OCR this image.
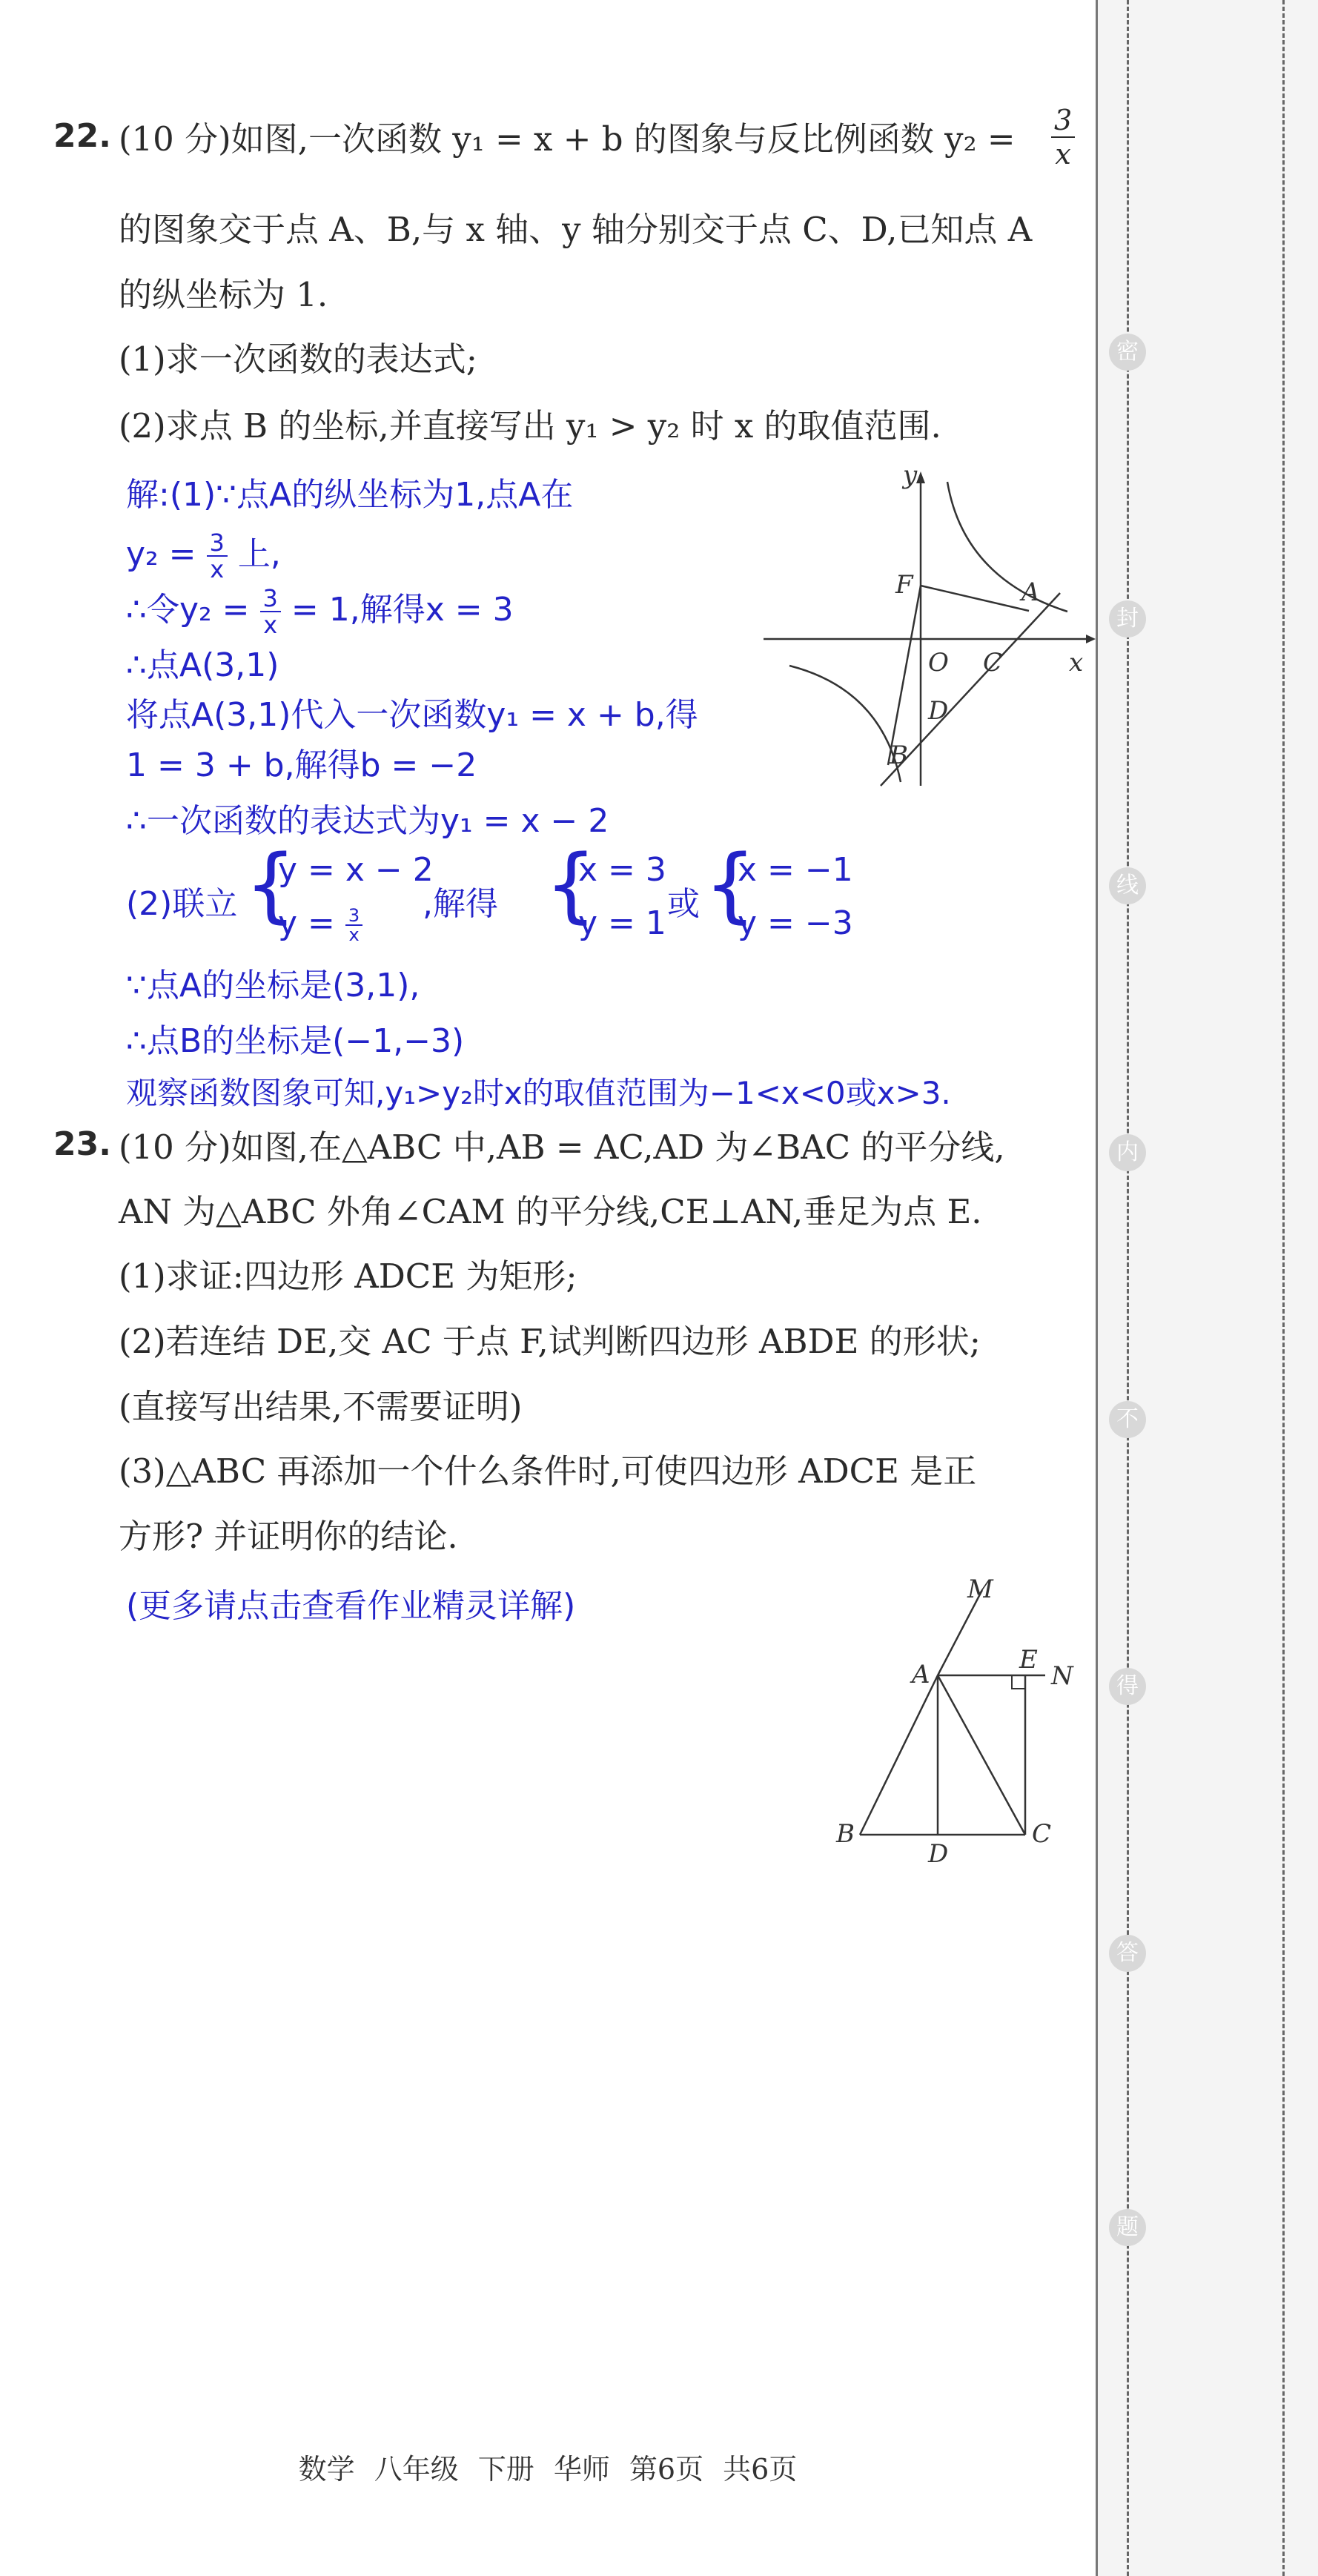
密
封
线
内
不
得
答
题
22. (10 分)如图,一次函数 y₁ = x + b 的图象与反比例函数 $y_2 = \frac{3}{x}$
的图象交于点 A、B,与 x 轴、y 轴分别交于点 C、D,已知点 A
的纵坐标为 1.
(1)求一次函数的表达式;
(2)求点 B 的坐标,并直接写出 y₁ > y₂ 时 x 的取值范围.
解:(1)∵点A的纵坐标为1,点A在
$y_2 = \frac{3}{x}$ 上,
∴令$y_2 = \frac{3}{x} = 1$,解得x = 3
∴点A(3,1)
将点A(3,1)代入一次函数y₁ = x + b,得
1 = 3 + b,解得b = −2
∴一次函数的表达式为y₁ = x − 2
(2)联立 {
y = x − 2
$y = \frac{3}{x}$
,解得 {
x = 3
y = 1
或 {
x = −1
y = −3
∵点A的坐标是(3,1),
∴点B的坐标是(−1,−3)
观察函数图象可知,y₁>y₂时x的取值范围为−1<x<0或x>3.
y
x
F	A
O C
D
B
23. (10 分)如图,在△ABC 中,AB = AC,AD 为∠BAC 的平分线,
AN 为△ABC 外角∠CAM 的平分线,CE⊥AN,垂足为点 E.
(1)求证:四边形 ADCE 为矩形;
(2)若连结 DE,交 AC 于点 F,试判断四边形 ABDE 的形状;
(直接写出结果,不需要证明)
(3)△ABC 再添加一个什么条件时,可使四边形 ADCE 是正
方形? 并证明你的结论.
(更多请点击查看作业精灵详解)	M
A	E
N
B
D
C
数学 八年级 下册 华师 第6页 共6页
